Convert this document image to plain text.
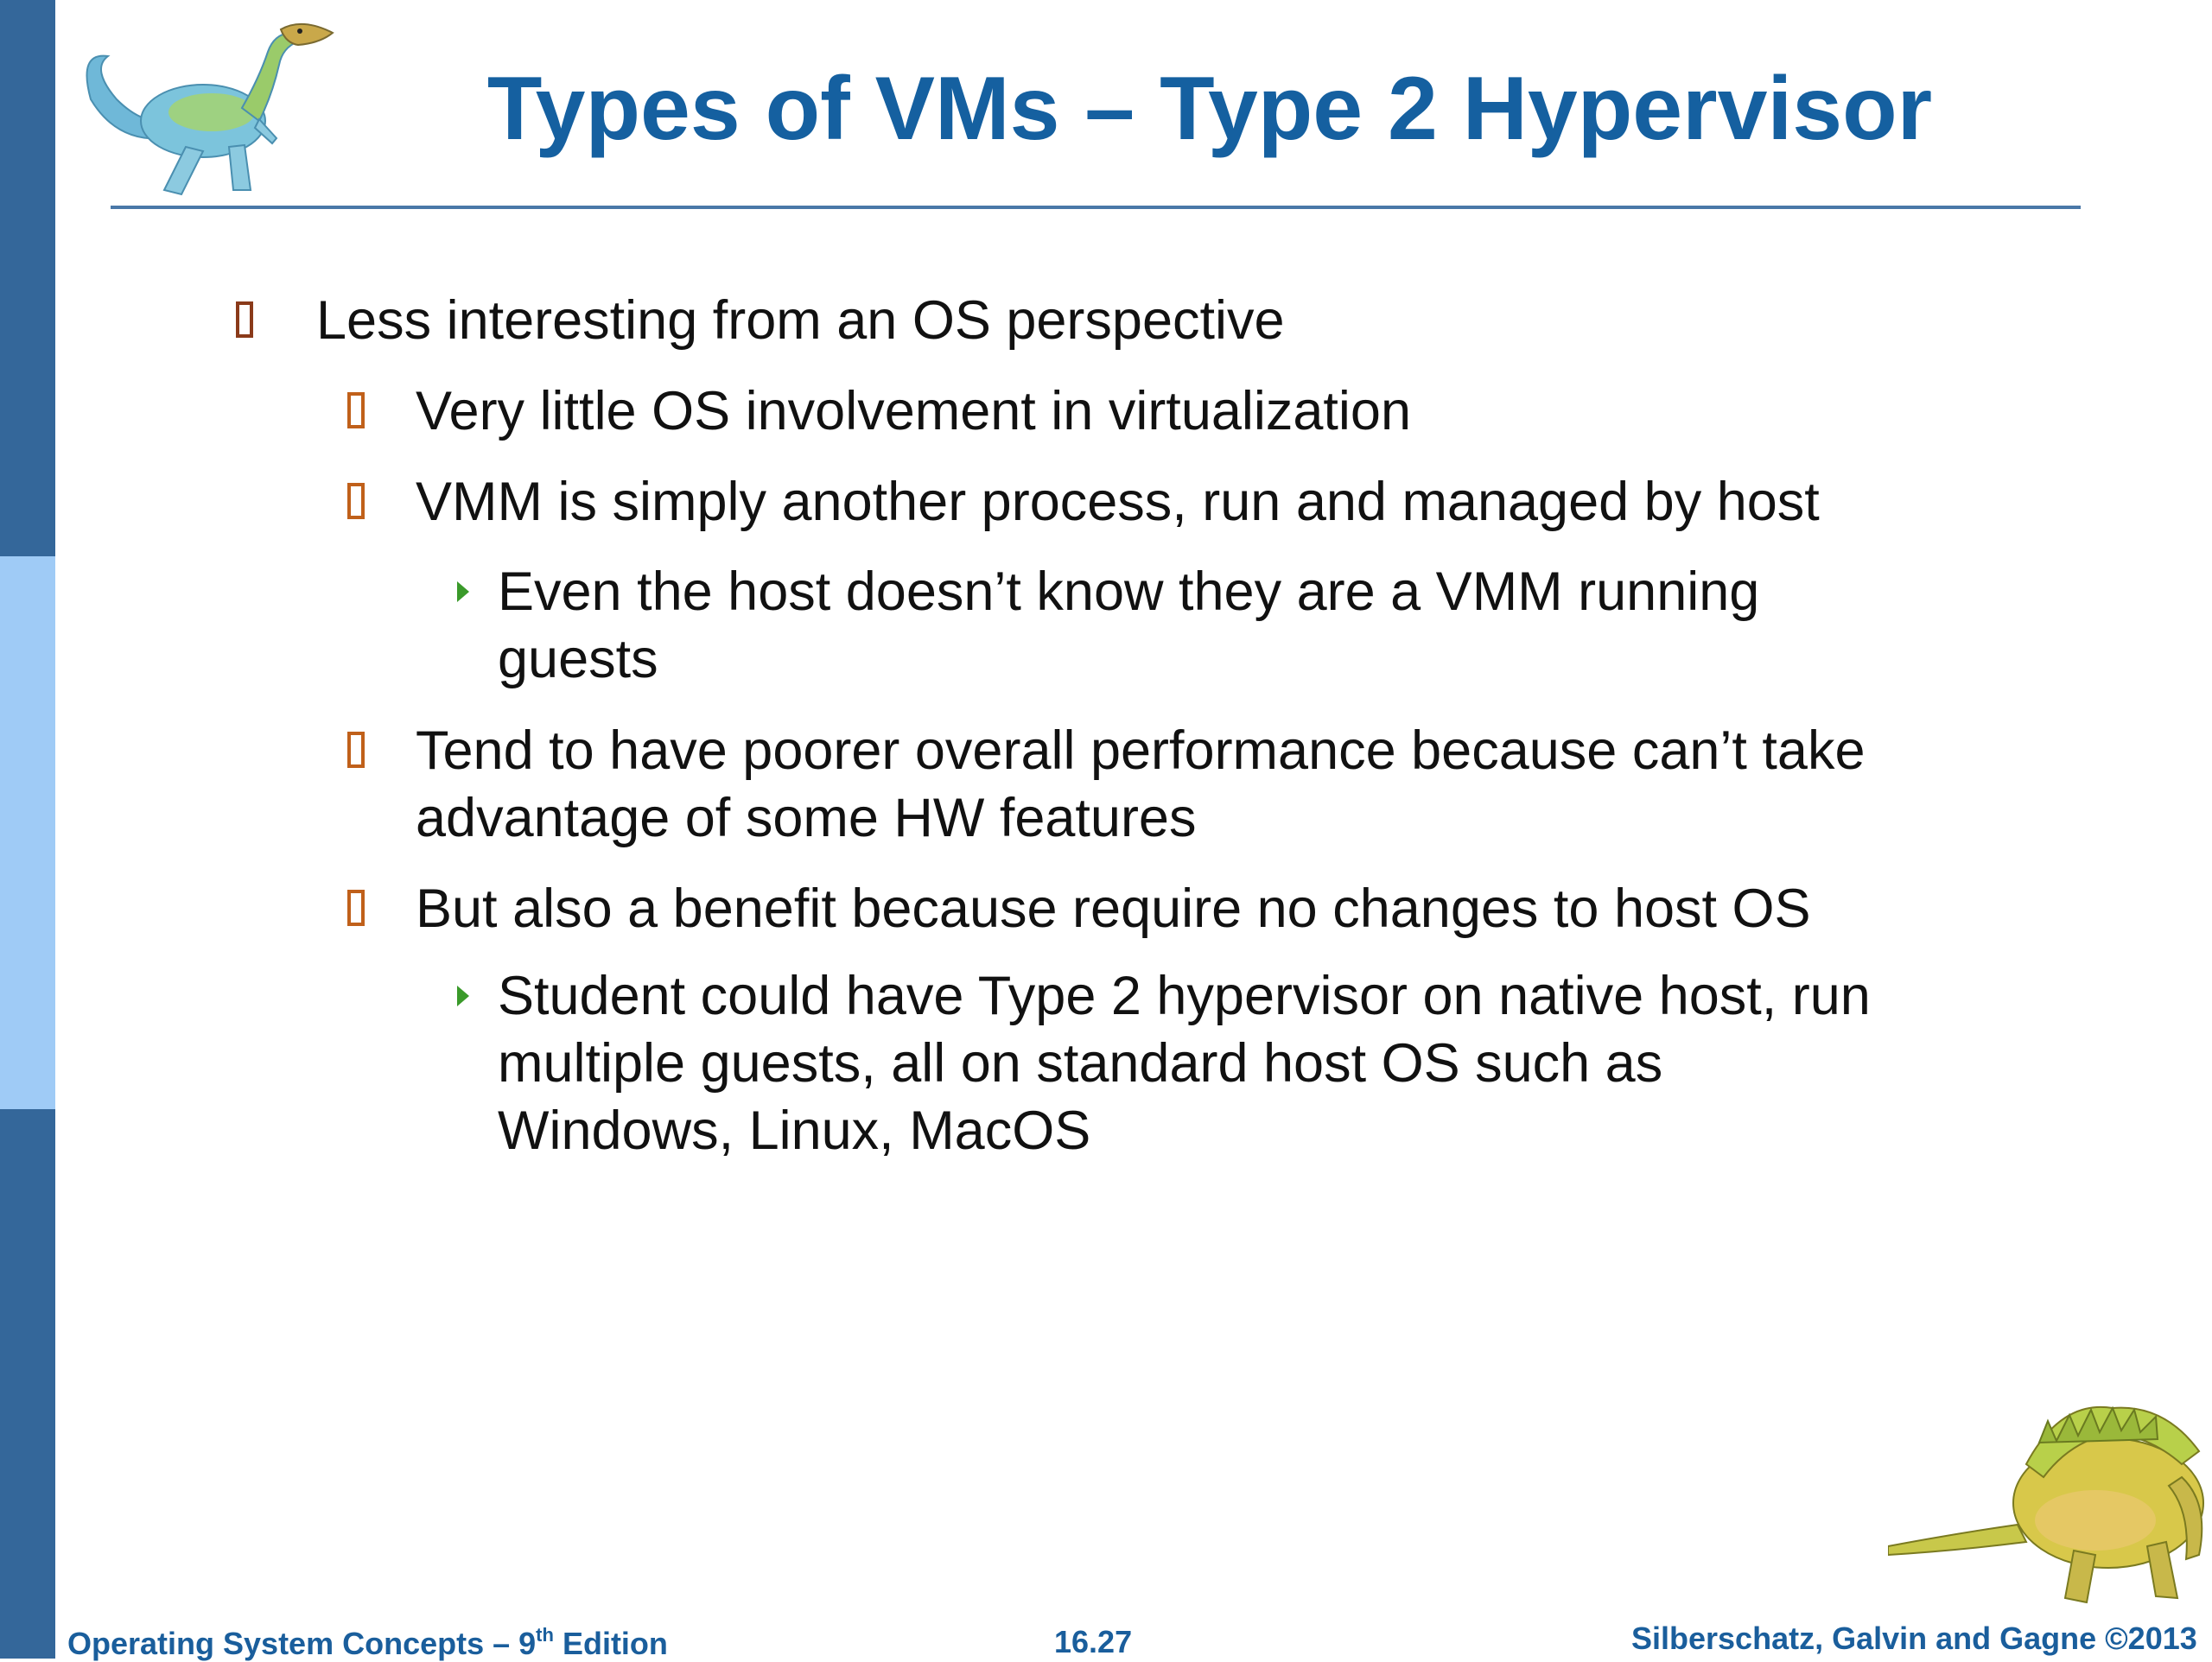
Types of VMs – Type 2 Hypervisor
Less interesting from an OS perspective
Very little OS involvement in virtualization
VMM is simply another process, run and managed by host
Even the host doesn’t know they are a VMM running
guests
Tend to have poorer overall performance because can’t take
advantage of some HW features
But also a benefit because require no changes to host OS
Student could have Type 2 hypervisor on native host, run
multiple guests, all on standard host OS such as
Windows, Linux, MacOS
Operating System Concepts – 9th Edition	16.27	Silberschatz, Galvin and Gagne ©2013
